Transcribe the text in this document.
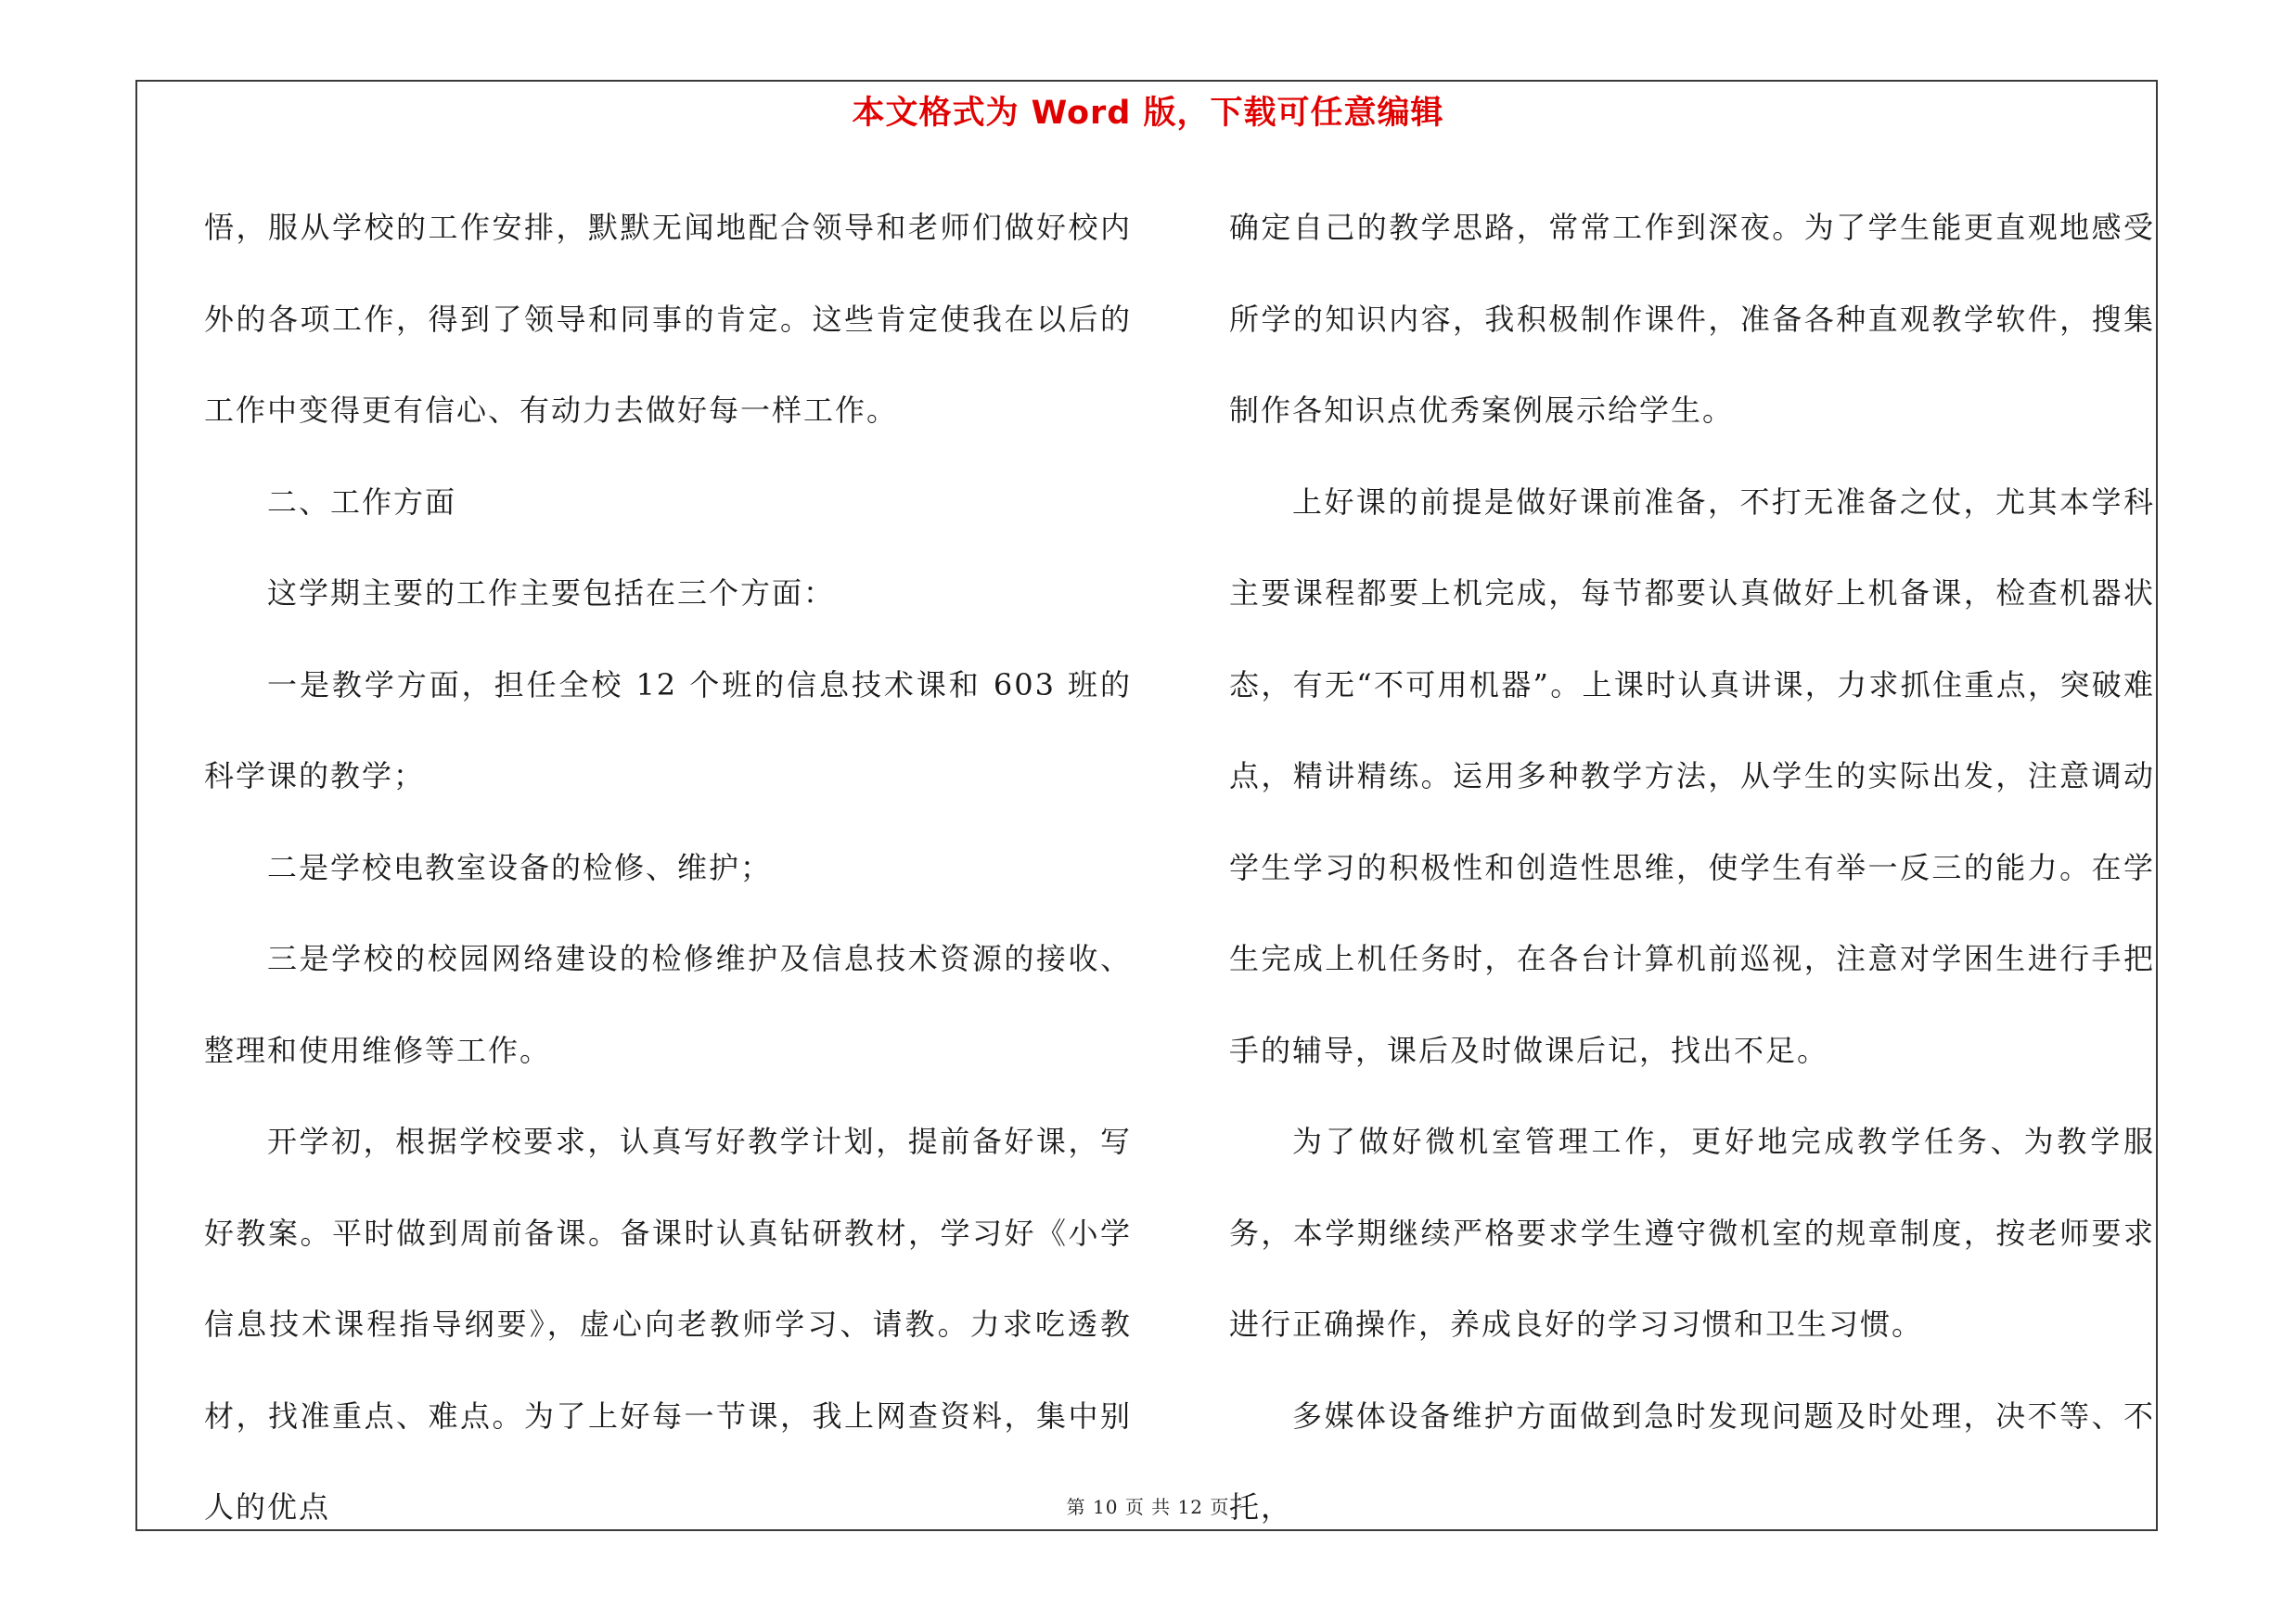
本文格式为 Word 版，下载可任意编辑

悟，服从学校的工作安排，默默无闻地配合领导和老师们做好校内外的各项工作，得到了领导和同事的肯定。这些肯定使我在以后的工作中变得更有信心、有动力去做好每一样工作。

二、工作方面

这学期主要的工作主要包括在三个方面：

一是教学方面，担任全校 12 个班的信息技术课和 603 班的科学课的教学；

二是学校电教室设备的检修、维护；

三是学校的校园网络建设的检修维护及信息技术资源的接收、整理和使用维修等工作。

开学初，根据学校要求，认真写好教学计划，提前备好课，写好教案。平时做到周前备课。备课时认真钻研教材，学习好《小学信息技术课程指导纲要》，虚心向老教师学习、请教。力求吃透教材，找准重点、难点。为了上好每一节课，我上网查资料，集中别人的优点

确定自己的教学思路，常常工作到深夜。为了学生能更直观地感受所学的知识内容，我积极制作课件，准备各种直观教学软件，搜集制作各知识点优秀案例展示给学生。

上好课的前提是做好课前准备，不打无准备之仗，尤其本学科主要课程都要上机完成，每节都要认真做好上机备课，检查机器状态，有无“不可用机器”。上课时认真讲课，力求抓住重点，突破难点，精讲精练。运用多种教学方法，从学生的实际出发，注意调动学生学习的积极性和创造性思维，使学生有举一反三的能力。在学生完成上机任务时，在各台计算机前巡视，注意对学困生进行手把手的辅导，课后及时做课后记，找出不足。

为了做好微机室管理工作，更好地完成教学任务、为教学服务，本学期继续严格要求学生遵守微机室的规章制度，按老师要求进行正确操作，养成良好的学习习惯和卫生习惯。

多媒体设备维护方面做到急时发现问题及时处理，决不等、不托，

第 10 页 共 12 页
